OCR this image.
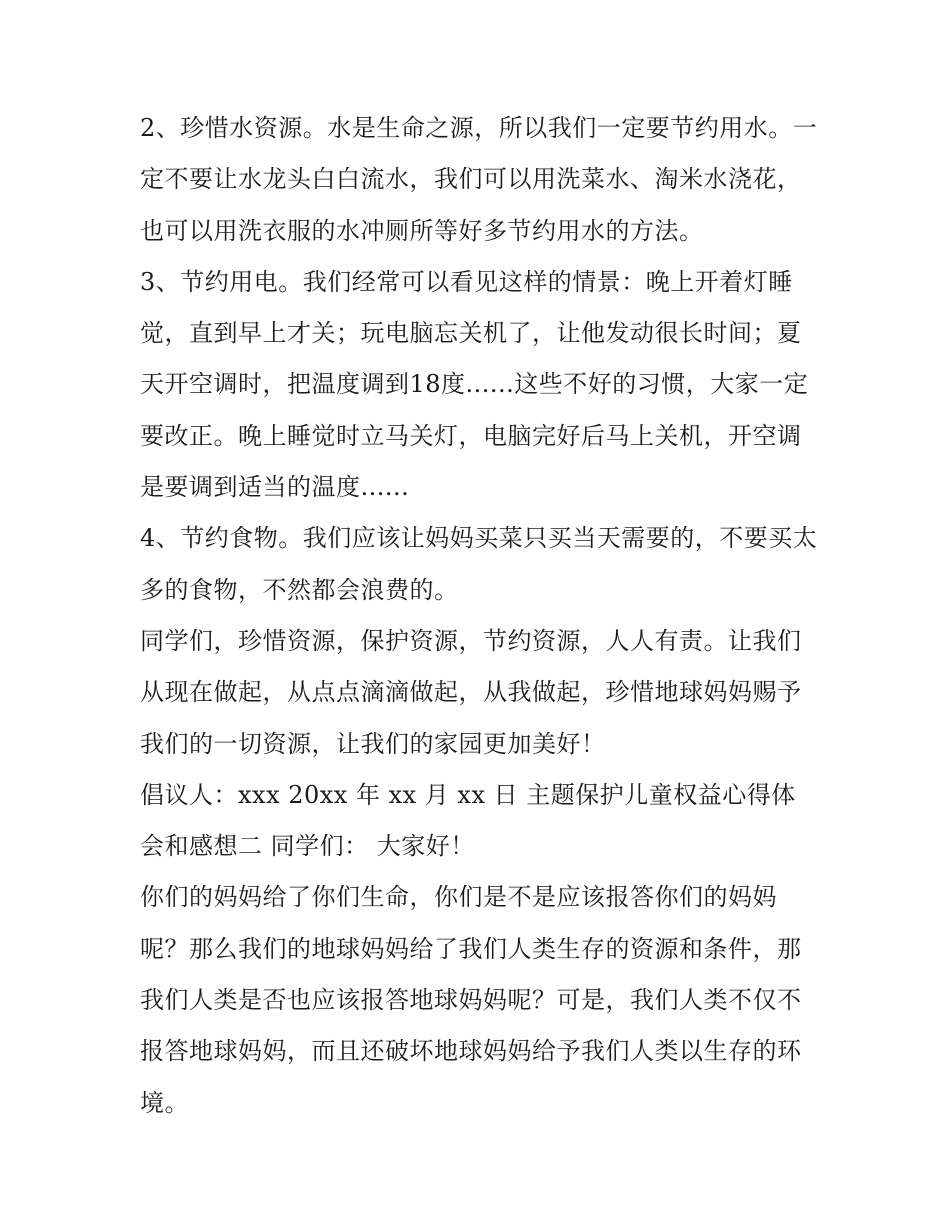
2、珍惜水资源。水是生命之源，所以我们一定要节约用水。一定不要让水龙头白白流水，我们可以用洗菜水、淘米水浇花，也可以用洗衣服的水冲厕所等好多节约用水的方法。

3、节约用电。我们经常可以看见这样的情景：晚上开着灯睡觉，直到早上才关；玩电脑忘关机了，让他发动很长时间；夏天开空调时，把温度调到18度......这些不好的习惯，大家一定要改正。晚上睡觉时立马关灯，电脑完好后马上关机，开空调是要调到适当的温度......

4、节约食物。我们应该让妈妈买菜只买当天需要的，不要买太多的食物，不然都会浪费的。

同学们，珍惜资源，保护资源，节约资源，人人有责。让我们从现在做起，从点点滴滴做起，从我做起，珍惜地球妈妈赐予我们的一切资源，让我们的家园更加美好！

倡议人：xxx 20xx 年 xx 月 xx 日 主题保护儿童权益心得体会和感想二 同学们： 大家好！

你们的妈妈给了你们生命，你们是不是应该报答你们的妈妈呢？那么我们的地球妈妈给了我们人类生存的资源和条件，那我们人类是否也应该报答地球妈妈呢？可是，我们人类不仅不报答地球妈妈，而且还破坏地球妈妈给予我们人类以生存的环境。
